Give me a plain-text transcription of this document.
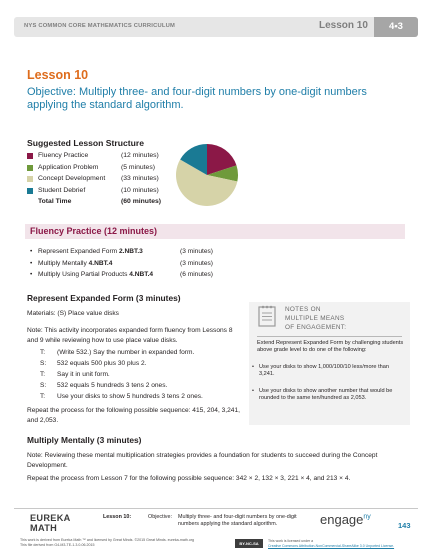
NYS COMMON CORE MATHEMATICS CURRICULUM	Lesson 10	4•3
Lesson 10
Objective: Multiply three- and four-digit numbers by one-digit numbers applying the standard algorithm.
Suggested Lesson Structure
Fluency Practice	(12 minutes)
Application Problem	(5 minutes)
Concept Development (33 minutes)
Student Debrief	(10 minutes)
Total Time	(60 minutes)
Fluency Practice (12 minutes)
• Represent Expanded Form 2.NBT.3	(3 minutes)
• Multiply Mentally 4.NBT.4	(3 minutes)
• Multiply Using Partial Products 4.NBT.4	(6 minutes)
Represent Expanded Form (3 minutes)
Materials: (S) Place value disks
Note: This activity incorporates expanded form fluency from Lessons 8 and 9 while reviewing how to use place value disks.
T: (Write 532.) Say the number in expanded form.
S: 532 equals 500 plus 30 plus 2.
T: Say it in unit form.
S: 532 equals 5 hundreds 3 tens 2 ones.
T: Use your disks to show 5 hundreds 3 tens 2 ones.
Repeat the process for the following possible sequence: 415, 204, 3,241, and 2,053.
NOTES ON
MULTIPLE MEANS
OF ENGAGEMENT:
Extend Represent Expanded Form by challenging students above grade level to do one of the following:
• Use your disks to show 1,000/100/10 less/more than 3,241.
• Use your disks to show another number that would be rounded to the same ten/hundred as 2,053.
Multiply Mentally (3 minutes)
Note: Reviewing these mental multiplication strategies provides a foundation for students to succeed during the Concept Development.
Repeat the process from Lesson 7 for the following possible sequence: 342 × 2, 132 × 3, 221 × 4, and 213 × 4.
EUREKA
MATH
Lesson 10:	Objective: Multiply three- and four-digit numbers by one-digit numbers applying the standard algorithm.	engage$^{ny}$
143
This work is derived from Eureka Math ™ and licensed by Great Minds. ©2015 Great Minds. eureka-math.org
This file derived from G4-M3-TE-1.3.0-06.2015	BY-NC-SA	This work is licensed under a
Creative Commons Attribution-NonCommercial-ShareAlike 3.0 Unported License.
